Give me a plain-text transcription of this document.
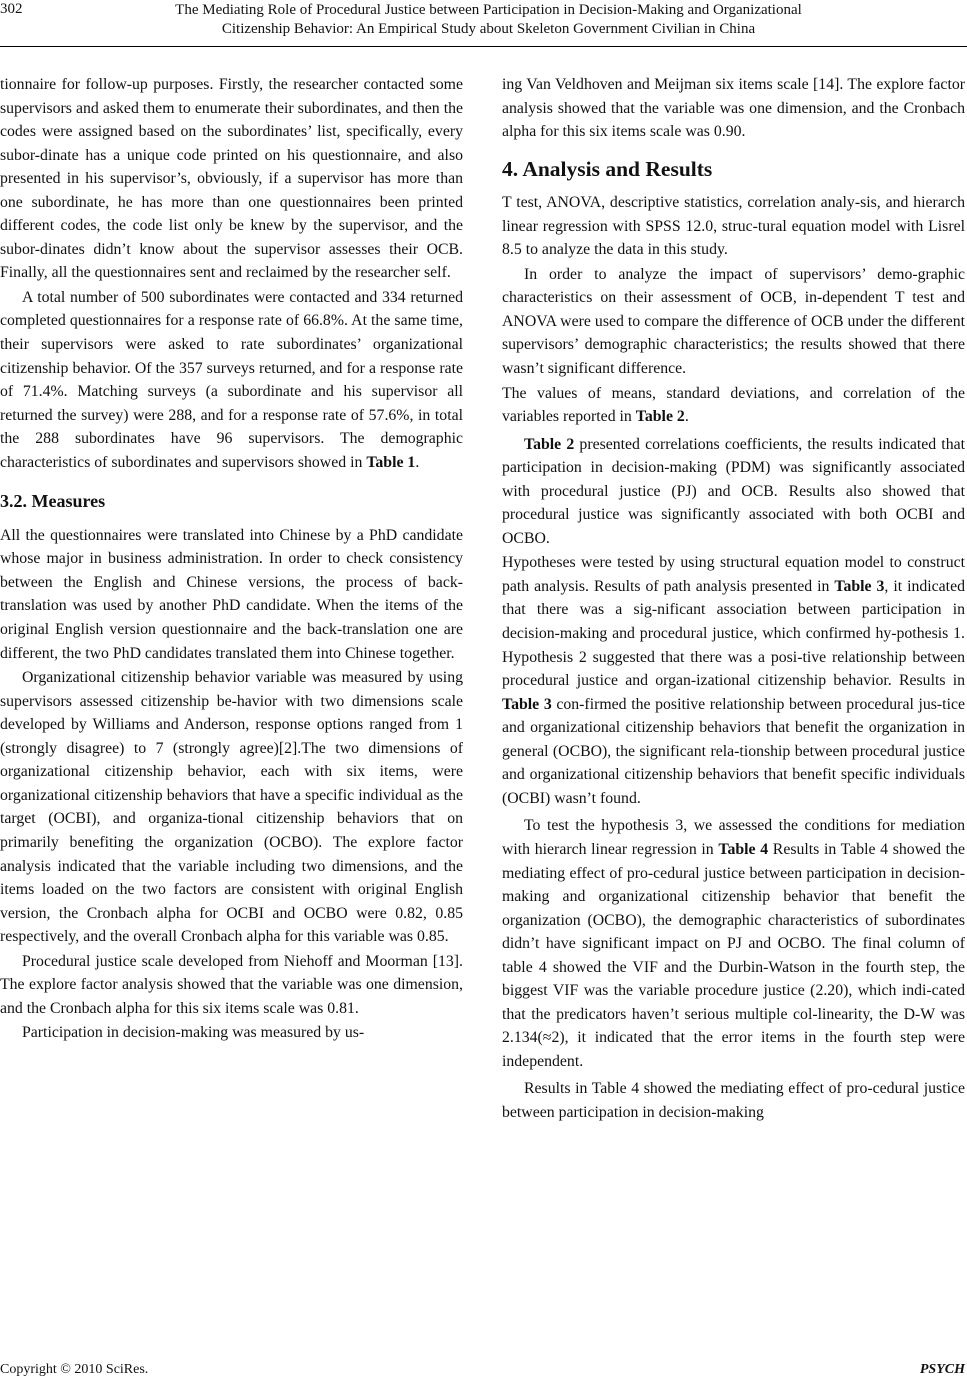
302	The Mediating Role of Procedural Justice between Participation in Decision-Making and Organizational
Citizenship Behavior: An Empirical Study about Skeleton Government Civilian in China

tionnaire for follow-up purposes. Firstly, the researcher contacted some supervisors and asked them to enumerate their subordinates, and then the codes were assigned based on the subordinates’ list, specifically, every subor-dinate has a unique code printed on his questionnaire, and also presented in his supervisor’s, obviously, if a supervisor has more than one subordinate, he has more than one questionnaires been printed different codes, the code list only be knew by the supervisor, and the subor-dinates didn’t know about the supervisor assesses their OCB. Finally, all the questionnaires sent and reclaimed by the researcher self.

A total number of 500 subordinates were contacted and 334 returned completed questionnaires for a response rate of 66.8%. At the same time, their supervisors were asked to rate subordinates’ organizational citizenship behavior. Of the 357 surveys returned, and for a response rate of 71.4%. Matching surveys (a subordinate and his supervisor all returned the survey) were 288, and for a response rate of 57.6%, in total the 288 subordinates have 96 supervisors. The demographic characteristics of subordinates and supervisors showed in Table 1.

3.2. Measures

All the questionnaires were translated into Chinese by a PhD candidate whose major in business administration. In order to check consistency between the English and Chinese versions, the process of back-translation was used by another PhD candidate. When the items of the original English version questionnaire and the back-translation one are different, the two PhD candidates translated them into Chinese together.

Organizational citizenship behavior variable was measured by using supervisors assessed citizenship be-havior with two dimensions scale developed by Williams and Anderson, response options ranged from 1 (strongly disagree) to 7 (strongly agree)[2].The two dimensions of organizational citizenship behavior, each with six items, were organizational citizenship behaviors that have a specific individual as the target (OCBI), and organiza-tional citizenship behaviors that on primarily benefiting the organization (OCBO). The explore factor analysis indicated that the variable including two dimensions, and the items loaded on the two factors are consistent with original English version, the Cronbach alpha for OCBI and OCBO were 0.82, 0.85 respectively, and the overall Cronbach alpha for this variable was 0.85.

Procedural justice scale developed from Niehoff and Moorman [13]. The explore factor analysis showed that the variable was one dimension, and the Cronbach alpha for this six items scale was 0.81.

Participation in decision-making was measured by us-

ing Van Veldhoven and Meijman six items scale [14]. The explore factor analysis showed that the variable was one dimension, and the Cronbach alpha for this six items scale was 0.90.

4. Analysis and Results

T test, ANOVA, descriptive statistics, correlation analy-sis, and hierarch linear regression with SPSS 12.0, struc-tural equation model with Lisrel 8.5 to analyze the data in this study.

In order to analyze the impact of supervisors’ demo-graphic characteristics on their assessment of OCB, in-dependent T test and ANOVA were used to compare the difference of OCB under the different supervisors’ demographic characteristics; the results showed that there wasn’t significant difference.

The values of means, standard deviations, and correlation of the variables reported in Table 2.

Table 2 presented correlations coefficients, the results indicated that participation in decision-making (PDM) was significantly associated with procedural justice (PJ) and OCB. Results also showed that procedural justice was significantly associated with both OCBI and OCBO.

Hypotheses were tested by using structural equation model to construct path analysis. Results of path analysis presented in Table 3, it indicated that there was a sig-nificant association between participation in decision-making and procedural justice, which confirmed hy-pothesis 1. Hypothesis 2 suggested that there was a posi-tive relationship between procedural justice and organ-izational citizenship behavior. Results in Table 3 con-firmed the positive relationship between procedural jus-tice and organizational citizenship behaviors that benefit the organization in general (OCBO), the significant rela-tionship between procedural justice and organizational citizenship behaviors that benefit specific individuals (OCBI) wasn’t found.

To test the hypothesis 3, we assessed the conditions for mediation with hierarch linear regression in Table 4 Results in Table 4 showed the mediating effect of pro-cedural justice between participation in decision-making and organizational citizenship behavior that benefit the organization (OCBO), the demographic characteristics of subordinates didn’t have significant impact on PJ and OCBO. The final column of table 4 showed the VIF and the Durbin-Watson in the fourth step, the biggest VIF was the variable procedure justice (2.20), which indi-cated that the predicators haven’t serious multiple col-linearity, the D-W was 2.134(≈2), it indicated that the error items in the fourth step were independent.

Results in Table 4 showed the mediating effect of pro-cedural justice between participation in decision-making

Copyright © 2010 SciRes.	PSYCH
